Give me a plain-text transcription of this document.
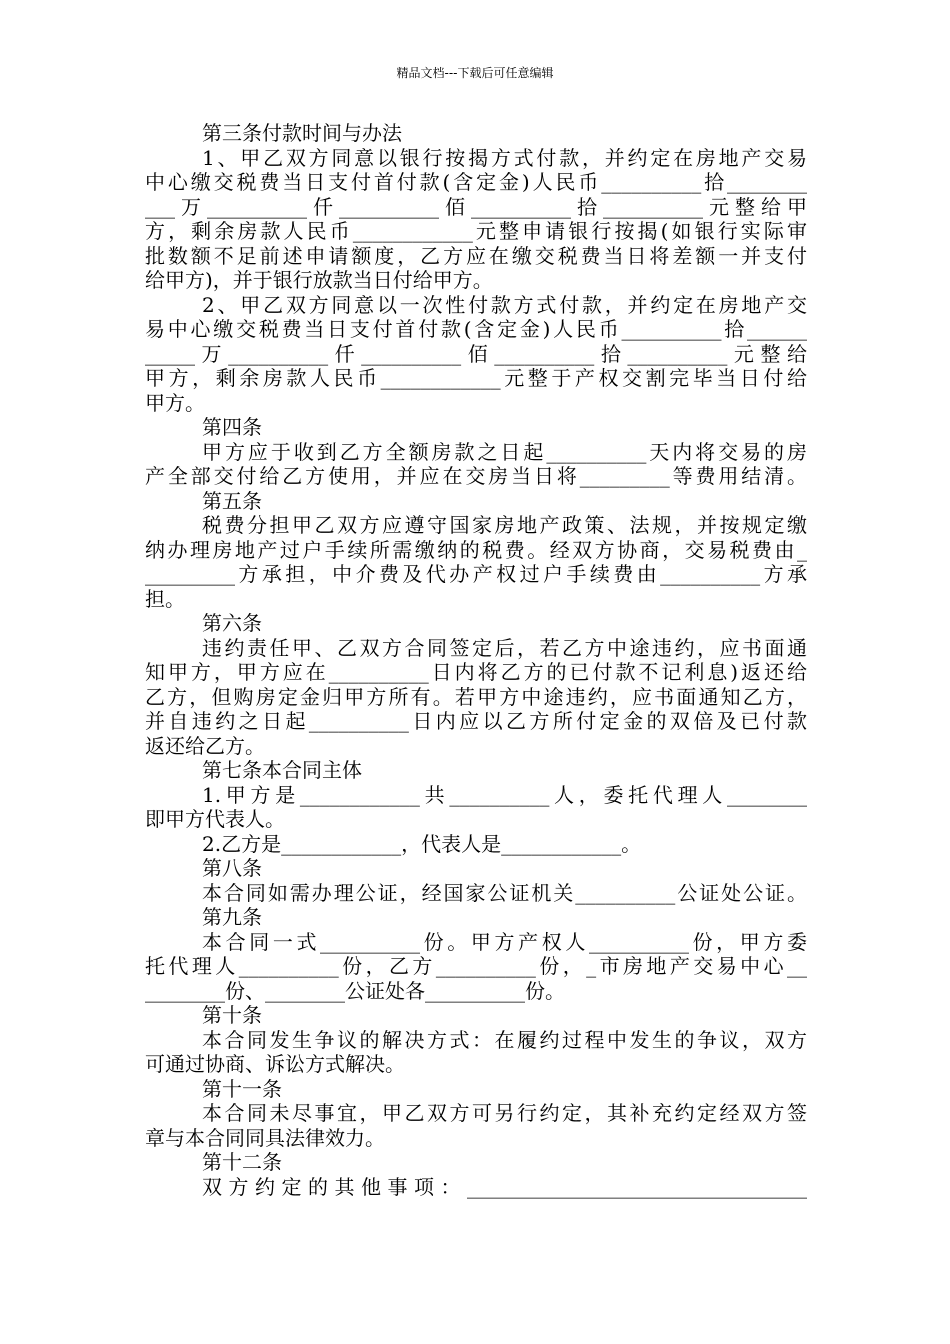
精品文档---下载后可任意编辑
第三条付款时间与办法
1、甲乙双方同意以银行按揭方式付款，并约定在房地产交易
中心缴交税费当日支付首付款(含定金)人民币__________拾________
___万__________仟__________佰__________拾__________元整给甲
方，剩余房款人民币____________元整申请银行按揭(如银行实际审
批数额不足前述申请额度，乙方应在缴交税费当日将差额一并支付
给甲方)，并于银行放款当日付给甲方。
2、甲乙双方同意以一次性付款方式付款，并约定在房地产交
易中心缴交税费当日支付首付款(含定金)人民币__________拾______
_____万__________仟__________佰__________拾__________元整给
甲方，剩余房款人民币____________元整于产权交割完毕当日付给
甲方。
第四条
甲方应于收到乙方全额房款之日起__________天内将交易的房
产全部交付给乙方使用，并应在交房当日将_________等费用结清。
第五条
税费分担甲乙双方应遵守国家房地产政策、法规，并按规定缴
纳办理房地产过户手续所需缴纳的税费。经双方协商，交易税费由_
_________方承担，中介费及代办产权过户手续费由__________方承
担。
第六条
违约责任甲、乙双方合同签定后，若乙方中途违约，应书面通
知甲方，甲方应在__________日内将乙方的已付款不记利息)返还给
乙方，但购房定金归甲方所有。若甲方中途违约，应书面通知乙方，
并自违约之日起__________日内应以乙方所付定金的双倍及已付款
返还给乙方。
第七条本合同主体
1.甲方是____________共__________人，委托代理人________
即甲方代表人。
2.乙方是____________，代表人是____________。
第八条
本合同如需办理公证，经国家公证机关__________公证处公证。
第九条
本合同一式__________份。甲方产权人__________份，甲方委
托代理人__________份，乙方__________份，_市房地产交易中心__
________份、________公证处各__________份。
第十条
本合同发生争议的解决方式：在履约过程中发生的争议，双方
可通过协商、诉讼方式解决。
第十一条
本合同未尽事宜，甲乙双方可另行约定，其补充约定经双方签
章与本合同同具法律效力。
第十二条
双方约定的其他事项：__________________________________
